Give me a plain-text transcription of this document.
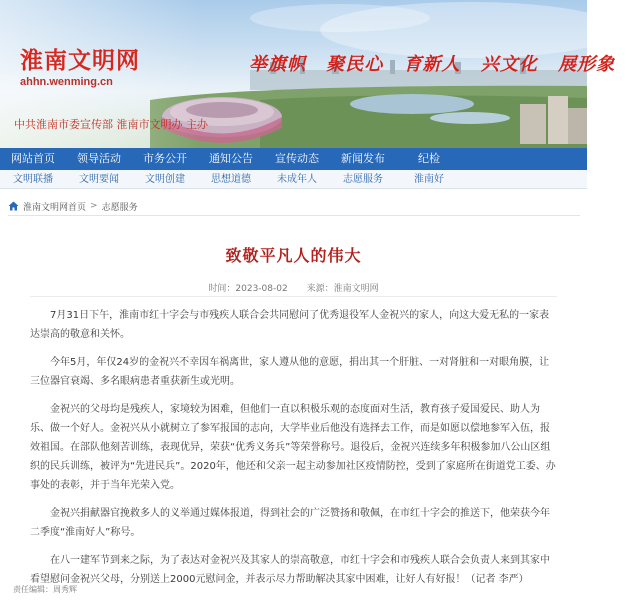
淮南文明网
ahhn.wenming.cn
举旗帜 聚民心 育新人 兴文化 展形象
中共淮南市委宣传部 淮南市文明办 主办
网站首页	领导活动	市务公开	通知公告	宣传动态	新闻发布	纪检
文明联播	文明要闻	文明创建	思想道德	未成年人	志愿服务	淮南好
淮南文明网首页 > 志愿服务
致敬平凡人的伟大
时间：2023-08-02 来源：淮南文明网

7月31日下午，淮南市红十字会与市残疾人联合会共同慰问了优秀退役军人金祝兴的家人，向这大爱无私的一家表达崇高的敬意和关怀。

今年5月，年仅24岁的金祝兴不幸因车祸离世，家人遵从他的意愿，捐出其一个肝脏、一对肾脏和一对眼角膜，让三位器官衰竭、多名眼病患者重获新生或光明。

金祝兴的父母均是残疾人，家境较为困难，但他们一直以积极乐观的态度面对生活，教育孩子爱国爱民、助人为乐、做一个好人。金祝兴从小就树立了参军报国的志向，大学毕业后他没有选择去工作，而是如愿以偿地参军入伍，报效祖国。在部队他刻苦训练，表现优异，荣获“优秀义务兵”等荣誉称号。退役后，金祝兴连续多年积极参加八公山区组织的民兵训练，被评为“先进民兵”。2020年，他还和父亲一起主动参加社区疫情防控，受到了家庭所在街道党工委、办事处的表彰，并于当年光荣入党。

金祝兴捐献器官挽救多人的义举通过媒体报道，得到社会的广泛赞扬和敬佩，在市红十字会的推送下，他荣获今年二季度“淮南好人”称号。

在八一建军节到来之际，为了表达对金祝兴及其家人的崇高敬意，市红十字会和市残疾人联合会负责人来到其家中看望慰问金祝兴父母，分别送上2000元慰问金，并表示尽力帮助解决其家中困难，让好人有好报！（记者 李严）

责任编辑：周秀辉
